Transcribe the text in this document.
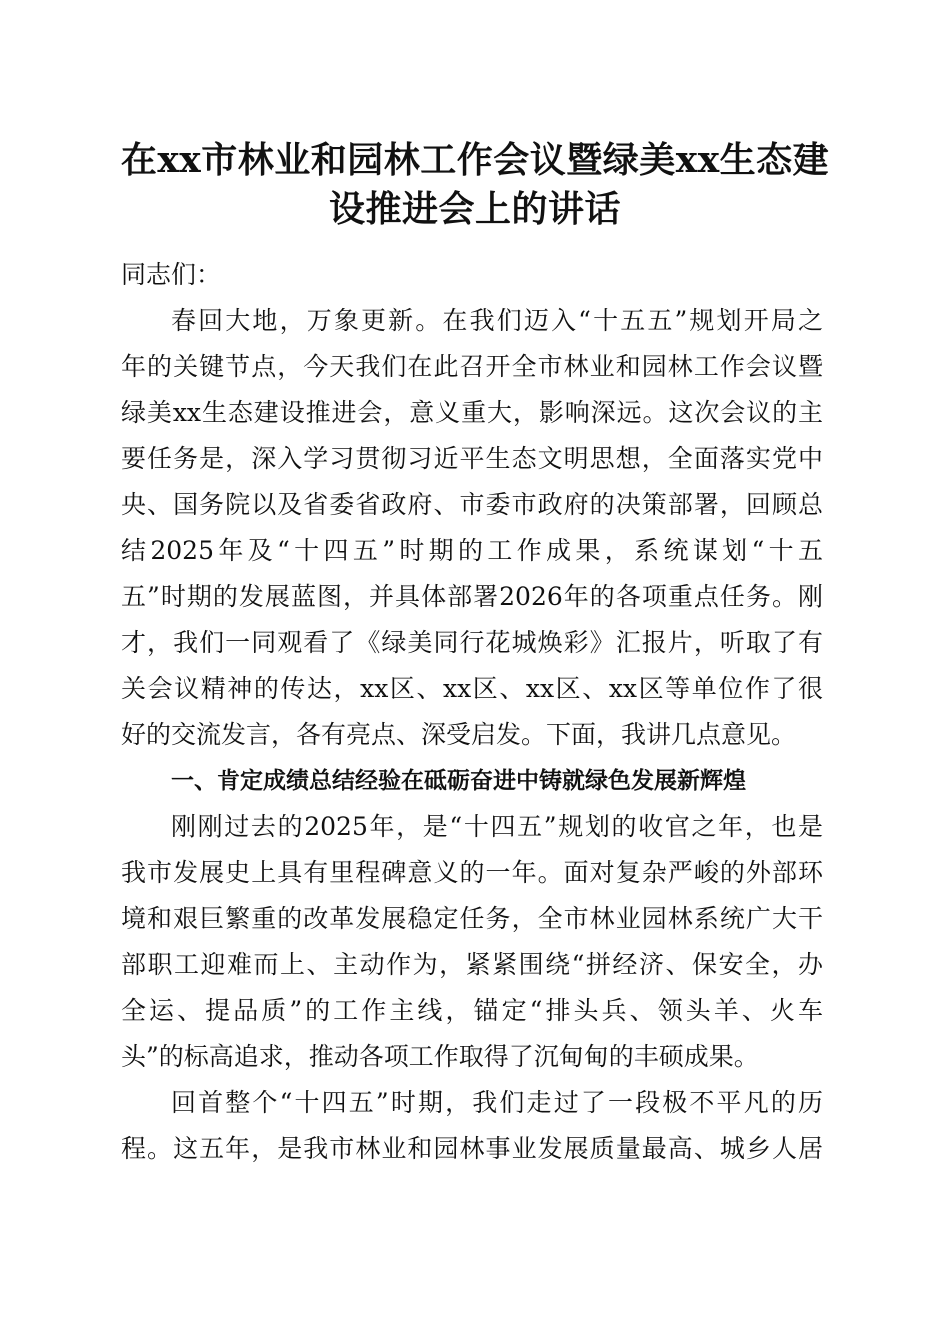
在xx市林业和园林工作会议暨绿美xx生态建
设推进会上的讲话
同志们：
春回大地，万象更新。在我们迈入“十五五”规划开局之
年的关键节点，今天我们在此召开全市林业和园林工作会议暨
绿美xx生态建设推进会，意义重大，影响深远。这次会议的主
要任务是，深入学习贯彻习近平生态文明思想，全面落实党中
央、国务院以及省委省政府、市委市政府的决策部署，回顾总
结2025年及“十四五”时期的工作成果，系统谋划“十五
五”时期的发展蓝图，并具体部署2026年的各项重点任务。刚
才，我们一同观看了《绿美同行花城焕彩》汇报片，听取了有
关会议精神的传达，xx区、xx区、xx区、xx区等单位作了很
好的交流发言，各有亮点、深受启发。下面，我讲几点意见。
一、肯定成绩总结经验在砥砺奋进中铸就绿色发展新辉煌
刚刚过去的2025年，是“十四五”规划的收官之年，也是
我市发展史上具有里程碑意义的一年。面对复杂严峻的外部环
境和艰巨繁重的改革发展稳定任务，全市林业园林系统广大干
部职工迎难而上、主动作为，紧紧围绕“拼经济、保安全，办
全运、提品质”的工作主线，锚定“排头兵、领头羊、火车
头”的标高追求，推动各项工作取得了沉甸甸的丰硕成果。
回首整个“十四五”时期，我们走过了一段极不平凡的历
程。这五年，是我市林业和园林事业发展质量最高、城乡人居
